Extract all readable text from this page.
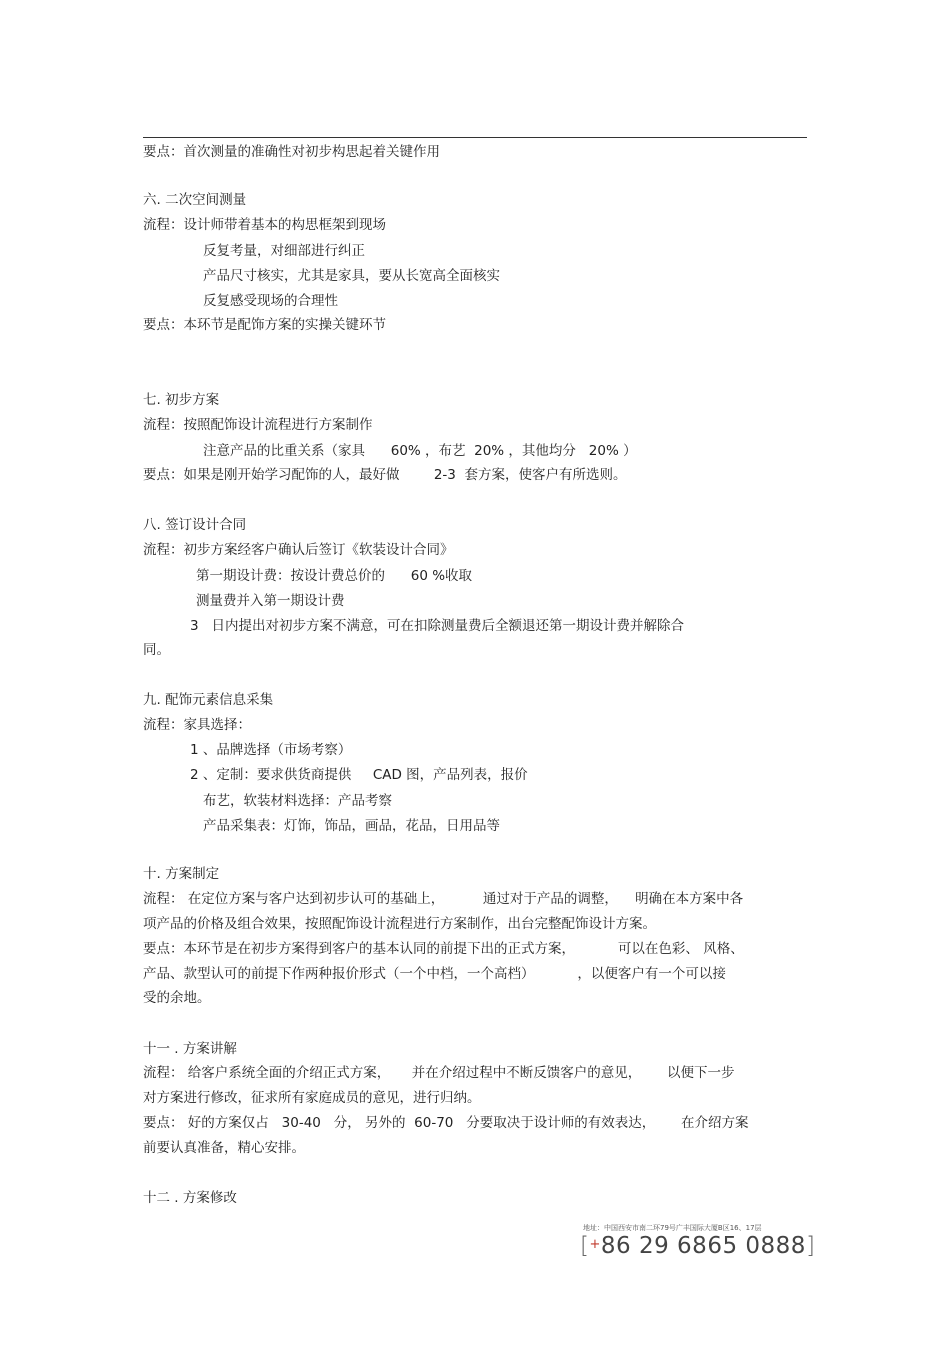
要点：首次测量的准确性对初步构思起着关键作用
六. 二次空间测量
流程：设计师带着基本的构思框架到现场
反复考量，对细部进行纠正
产品尺寸核实，尤其是家具，要从长宽高全面核实
反复感受现场的合理性
要点：本环节是配饰方案的实操关键环节
七. 初步方案
流程：按照配饰设计流程进行方案制作
注意产品的比重关系（家具      60% ，布艺  20% ，其他均分   20% ）
要点：如果是刚开始学习配饰的人，最好做        2-3  套方案，使客户有所选则。
八. 签订设计合同
流程：初步方案经客户确认后签订《软装设计合同》
第一期设计费：按设计费总价的      60 %收取
测量费并入第一期设计费
3   日内提出对初步方案不满意，可在扣除测量费后全额退还第一期设计费并解除合
同。
九. 配饰元素信息采集
流程：家具选择：
1 、品牌选择（市场考察）
2 、定制：要求供货商提供     CAD 图，产品列表，报价
布艺，软装材料选择：产品考察
产品采集表：灯饰，饰品，画品，花品，日用品等
十. 方案制定
流程： 在定位方案与客户达到初步认可的基础上，         通过对于产品的调整，    明确在本方案中各
项产品的价格及组合效果，按照配饰设计流程进行方案制作，出台完整配饰设计方案。
要点：本环节是在初步方案得到客户的基本认同的前提下出的正式方案，          可以在色彩、 风格、
产品、款型认可的前提下作两种报价形式（一个中档，一个高档）          ，以便客户有一个可以接
受的余地。
十一 . 方案讲解
流程： 给客户系统全面的介绍正式方案，     并在介绍过程中不断反馈客户的意见，      以便下一步
对方案进行修改，征求所有家庭成员的意见，进行归纳。
要点： 好的方案仅占   30-40   分， 另外的  60-70   分要取决于设计师的有效表达，      在介绍方案
前要认真准备，精心安排。
十二 . 方案修改
地址：中国西安市南二环79号广丰国际大厦B区16、17层
[+86 29 6865 0888]
